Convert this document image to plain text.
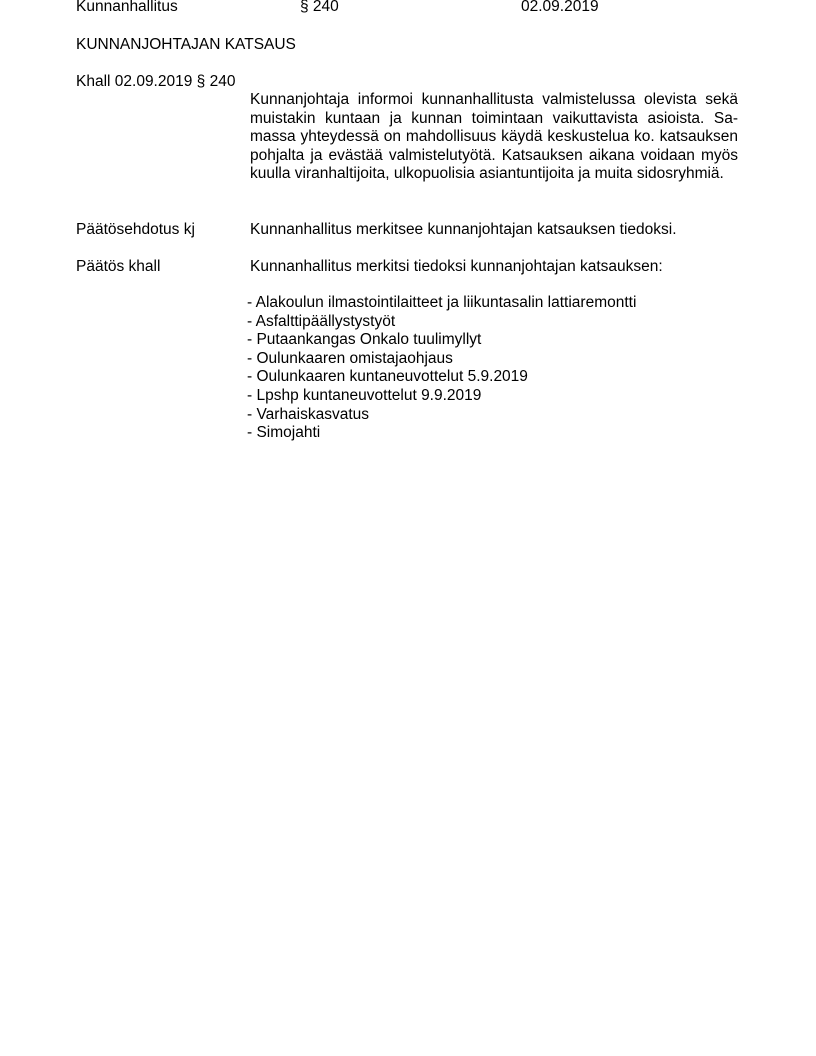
Kunnanhallitus	§ 240	02.09.2019
KUNNANJOHTAJAN KATSAUS
Khall 02.09.2019 § 240

Kunnanjohtaja informoi kunnanhallitusta valmistelussa olevista sekä muistakin kuntaan ja kunnan toimintaan vaikuttavista asioista. Samassa yhteydessä on mahdollisuus käydä keskustelua ko. katsauksen pohjalta ja evästää valmistelutyötä. Katsauksen aikana voidaan myös kuulla viranhaltijoita, ulkopuolisia asiantuntijoita ja muita sidosryhmiä.

Päätösehdotus kj	Kunnanhallitus merkitsee kunnanjohtajan katsauksen tiedoksi.
Päätös khall	Kunnanhallitus merkitsi tiedoksi kunnanjohtajan katsauksen:
- Alakoulun ilmastointilaitteet ja liikuntasalin lattiaremontti
- Asfalttipäällystystyöt
- Putaankangas Onkalo tuulimyllyt
- Oulunkaaren omistajaohjaus
- Oulunkaaren kuntaneuvottelut 5.9.2019
- Lpshp kuntaneuvottelut 9.9.2019
- Varhaiskasvatus
- Simojahti
